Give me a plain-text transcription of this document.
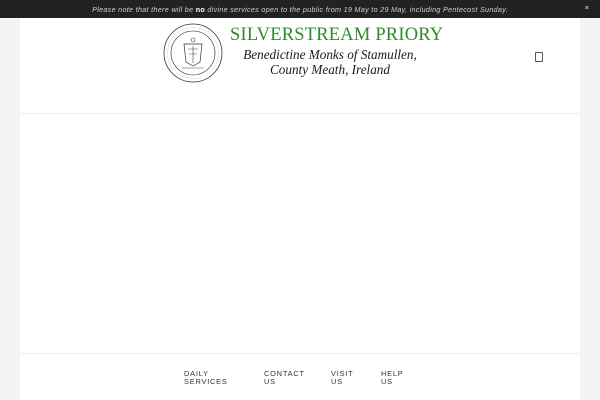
Please note that there will be no divine services open to the public from 19 May to 29 May, including Pentecost Sunday.	×
SILVERSTREAM PRIORY
Benedictine Monks of Stamullen,
County Meath, Ireland
DAILY
SERVICES
CONTACT
US
VISIT
US
HELP
US
